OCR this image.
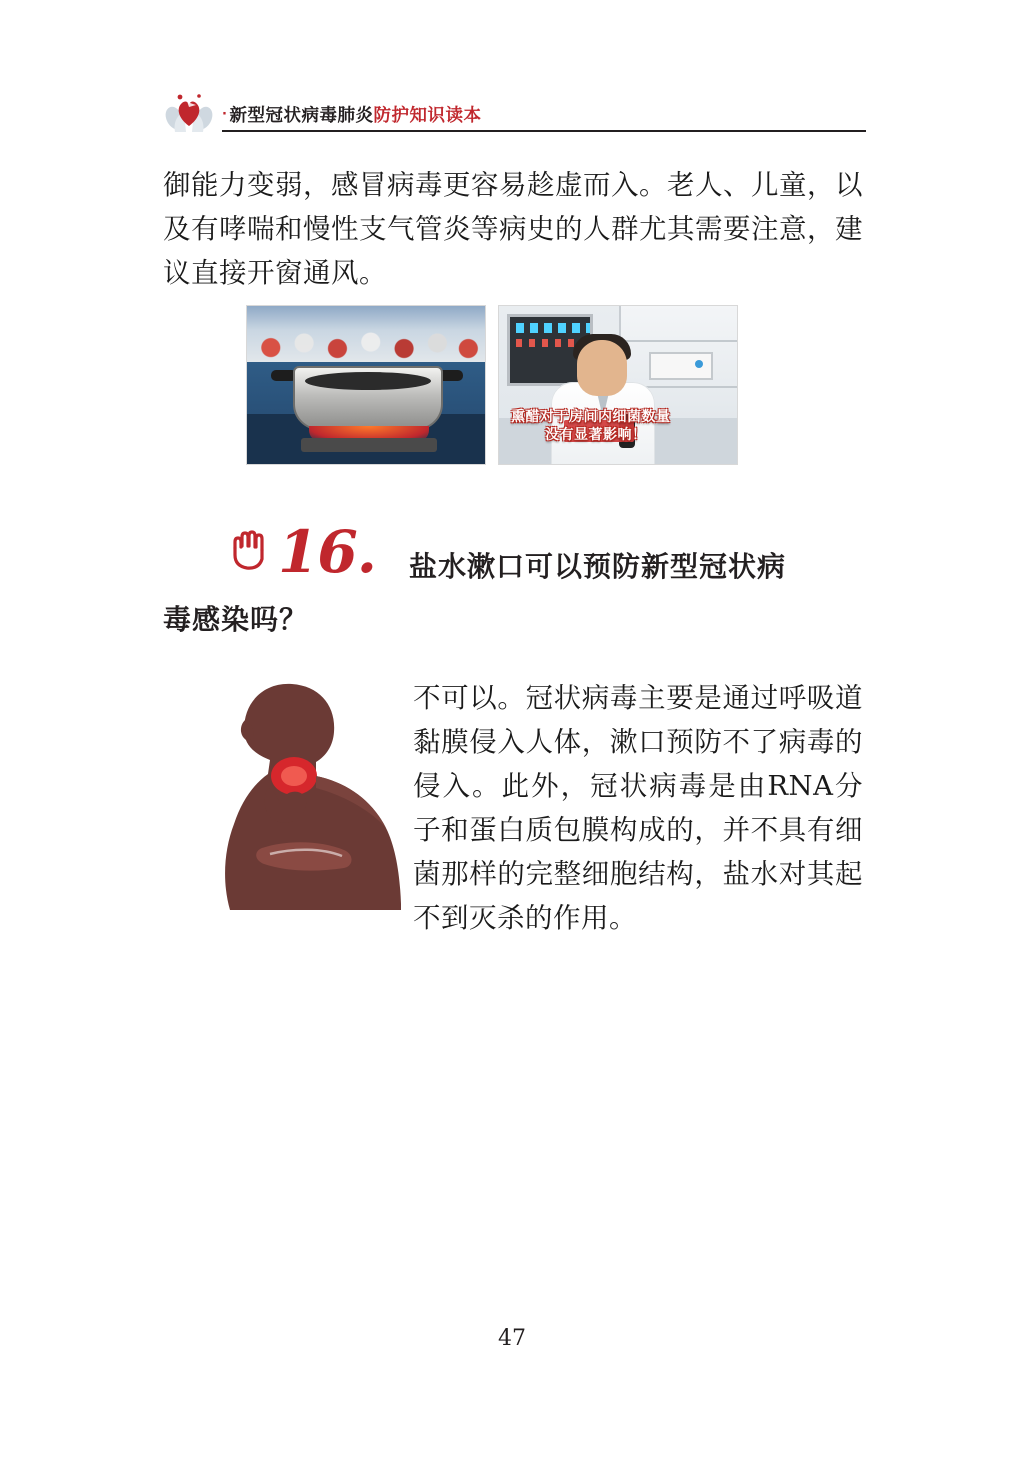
· 新型冠状病毒肺炎防护知识读本
御能力变弱，感冒病毒更容易趁虚而入。老人、儿童，以及有哮喘和慢性支气管炎等病史的人群尤其需要注意，建议直接开窗通风。
熏醋对于房间内细菌数量
没有显著影响！
16. 盐水漱口可以预防新型冠状病
毒感染吗？
不可以。冠状病毒主要是通过呼吸道黏膜侵入人体，漱口预防不了病毒的侵入。此外，冠状病毒是由RNA分子和蛋白质包膜构成的，并不具有细菌那样的完整细胞结构，盐水对其起不到灭杀的作用。
47
